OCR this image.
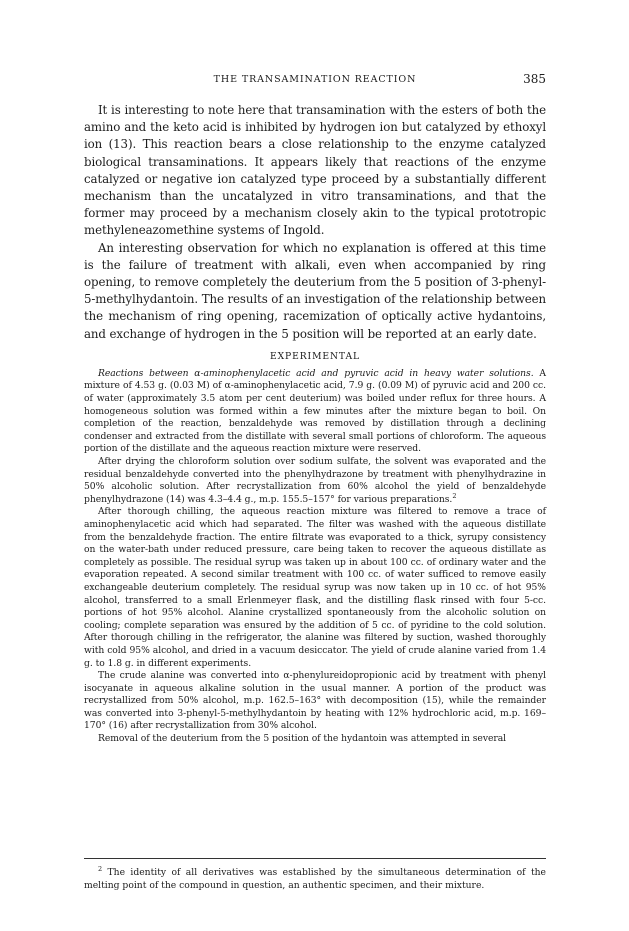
THE TRANSAMINATION REACTION	385

It is interesting to note here that transamination with the esters of both the amino and the keto acid is inhibited by hydrogen ion but catalyzed by ethoxyl ion (13). This reaction bears a close relationship to the enzyme catalyzed biological transaminations. It appears likely that reactions of the enzyme catalyzed or negative ion catalyzed type proceed by a substantially different mechanism than the uncatalyzed in vitro transaminations, and that the former may proceed by a mechanism closely akin to the typical prototropic methyleneazomethine systems of Ingold.

An interesting observation for which no explanation is offered at this time is the failure of treatment with alkali, even when accompanied by ring opening, to remove completely the deuterium from the 5 position of 3-phenyl-5-methylhydantoin. The results of an investigation of the relationship between the mechanism of ring opening, racemization of optically active hydantoins, and exchange of hydrogen in the 5 position will be reported at an early date.

EXPERIMENTAL

Reactions between α-aminophenylacetic acid and pyruvic acid in heavy water solutions. A mixture of 4.53 g. (0.03 M) of α-aminophenylacetic acid, 7.9 g. (0.09 M) of pyruvic acid and 200 cc. of water (approximately 3.5 atom per cent deuterium) was boiled under reflux for three hours. A homogeneous solution was formed within a few minutes after the mixture began to boil. On completion of the reaction, benzaldehyde was removed by distillation through a declining condenser and extracted from the distillate with several small portions of chloroform. The aqueous portion of the distillate and the aqueous reaction mixture were reserved.

After drying the chloroform solution over sodium sulfate, the solvent was evaporated and the residual benzaldehyde converted into the phenylhydrazone by treatment with phenylhydrazine in 50% alcoholic solution. After recrystallization from 60% alcohol the yield of benzaldehyde phenylhydrazone (14) was 4.3–4.4 g., m.p. 155.5–157° for various preparations.$^2$

After thorough chilling, the aqueous reaction mixture was filtered to remove a trace of aminophenylacetic acid which had separated. The filter was washed with the aqueous distillate from the benzaldehyde fraction. The entire filtrate was evaporated to a thick, syrupy consistency on the water-bath under reduced pressure, care being taken to recover the aqueous distillate as completely as possible. The residual syrup was taken up in about 100 cc. of ordinary water and the evaporation repeated. A second similar treatment with 100 cc. of water sufficed to remove easily exchangeable deuterium completely. The residual syrup was now taken up in 10 cc. of hot 95% alcohol, transferred to a small Erlenmeyer flask, and the distilling flask rinsed with four 5-cc. portions of hot 95% alcohol. Alanine crystallized spontaneously from the alcoholic solution on cooling; complete separation was ensured by the addition of 5 cc. of pyridine to the cold solution. After thorough chilling in the refrigerator, the alanine was filtered by suction, washed thoroughly with cold 95% alcohol, and dried in a vacuum desiccator. The yield of crude alanine varied from 1.4 g. to 1.8 g. in different experiments.

The crude alanine was converted into α-phenylureidopropionic acid by treatment with phenyl isocyanate in aqueous alkaline solution in the usual manner. A portion of the product was recrystallized from 50% alcohol, m.p. 162.5–163° with decomposition (15), while the remainder was converted into 3-phenyl-5-methylhydantoin by heating with 12% hydrochloric acid, m.p. 169–170° (16) after recrystallization from 30% alcohol.

Removal of the deuterium from the 5 position of the hydantoin was attempted in several

$^2$ The identity of all derivatives was established by the simultaneous determination of the melting point of the compound in question, an authentic specimen, and their mixture.
